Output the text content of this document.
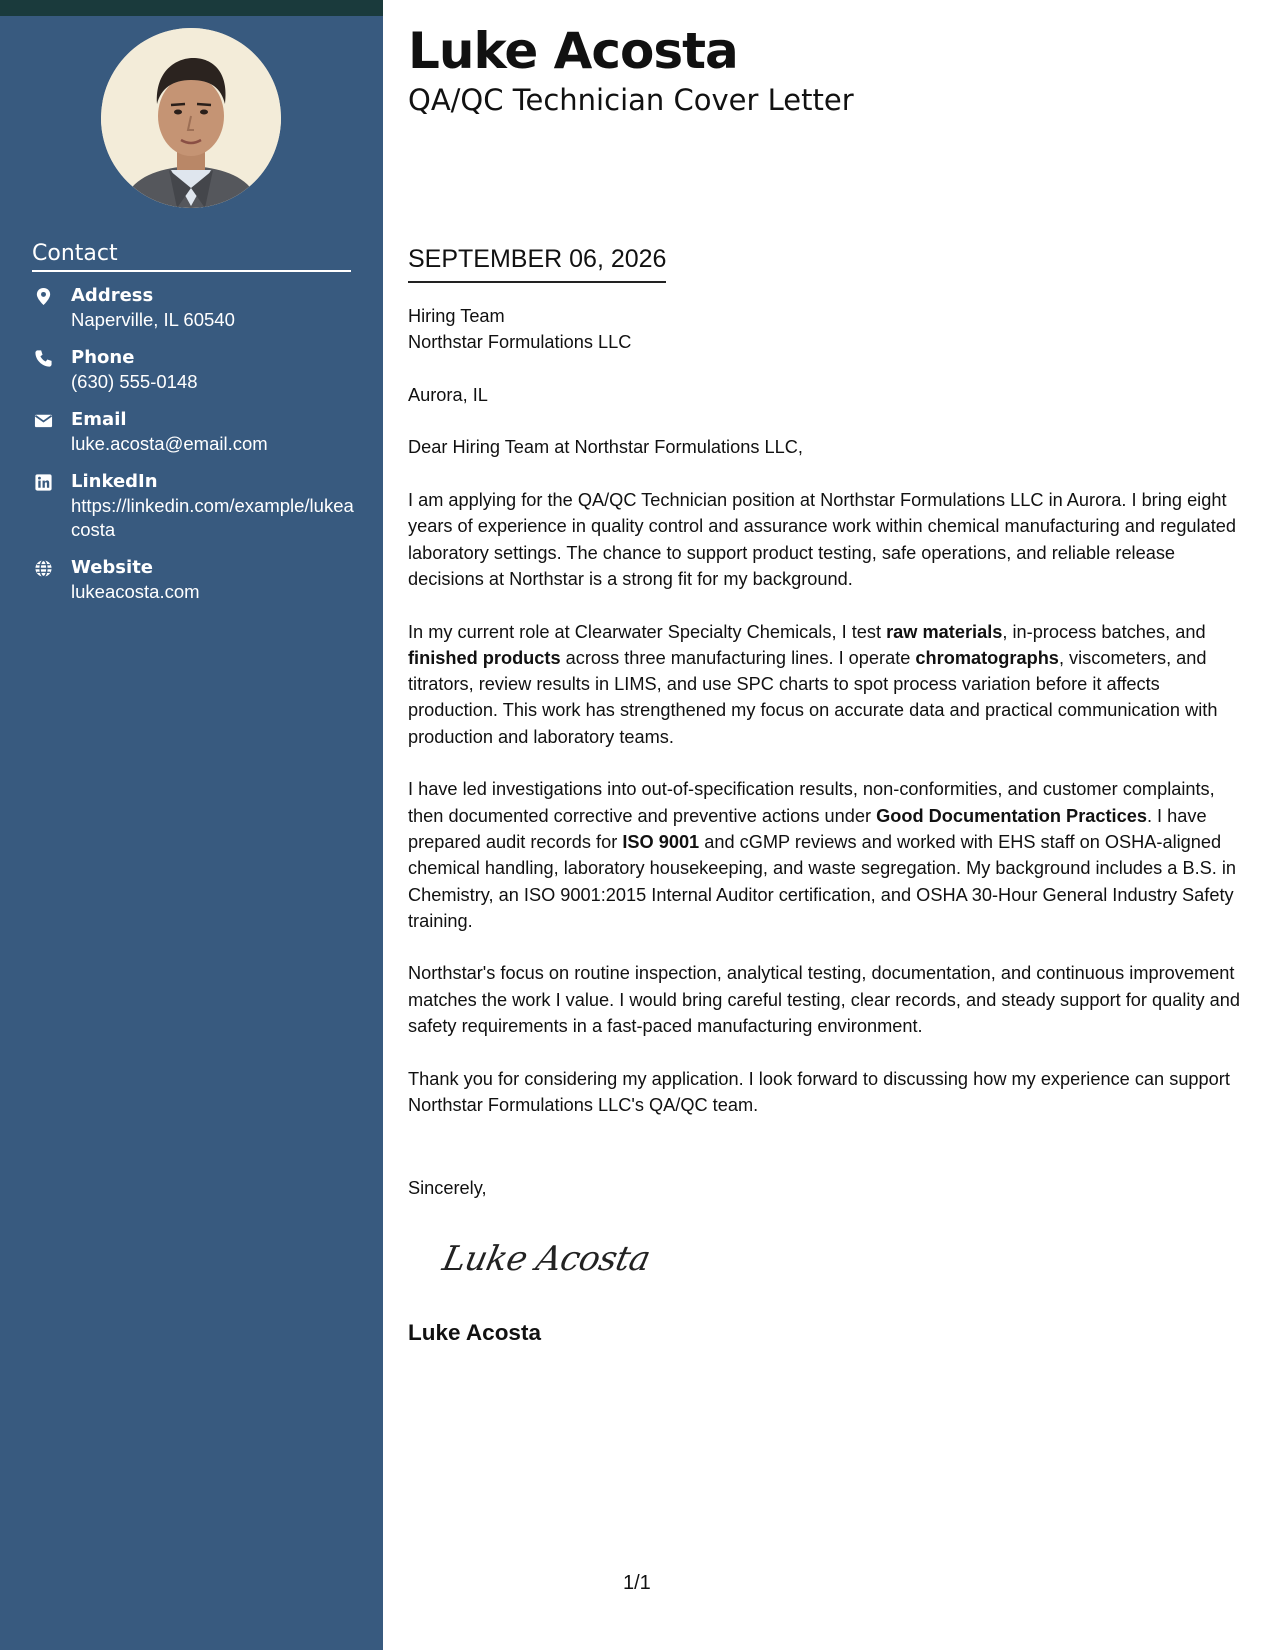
Contact
Address
Naperville, IL 60540
Phone
(630) 555-0148
Email
luke.acosta@email.com
LinkedIn
https://linkedin.com/example/lukeacosta
Website
lukeacosta.com
Luke Acosta
QA/QC Technician Cover Letter
SEPTEMBER 06, 2026

Hiring Team

Northstar Formulations LLC

Aurora, IL

Dear Hiring Team at Northstar Formulations LLC,

I am applying for the QA/QC Technician position at Northstar Formulations LLC in Aurora. I bring eight years of experience in quality control and assurance work within chemical manufacturing and regulated laboratory settings. The chance to support product testing, safe operations, and reliable release decisions at Northstar is a strong fit for my background.

In my current role at Clearwater Specialty Chemicals, I test raw materials, in-process batches, and finished products across three manufacturing lines. I operate chromatographs, viscometers, and titrators, review results in LIMS, and use SPC charts to spot process variation before it affects production. This work has strengthened my focus on accurate data and practical communication with production and laboratory teams.

I have led investigations into out-of-specification results, non-conformities, and customer complaints, then documented corrective and preventive actions under Good Documentation Practices. I have prepared audit records for ISO 9001 and cGMP reviews and worked with EHS staff on OSHA-aligned chemical handling, laboratory housekeeping, and waste segregation. My background includes a B.S. in Chemistry, an ISO 9001:2015 Internal Auditor certification, and OSHA 30-Hour General Industry Safety training.

Northstar's focus on routine inspection, analytical testing, documentation, and continuous improvement matches the work I value. I would bring careful testing, clear records, and steady support for quality and safety requirements in a fast-paced manufacturing environment.

Thank you for considering my application. I look forward to discussing how my experience can support Northstar Formulations LLC's QA/QC team.

Sincerely,
Luke Acosta
Luke Acosta
1/1
